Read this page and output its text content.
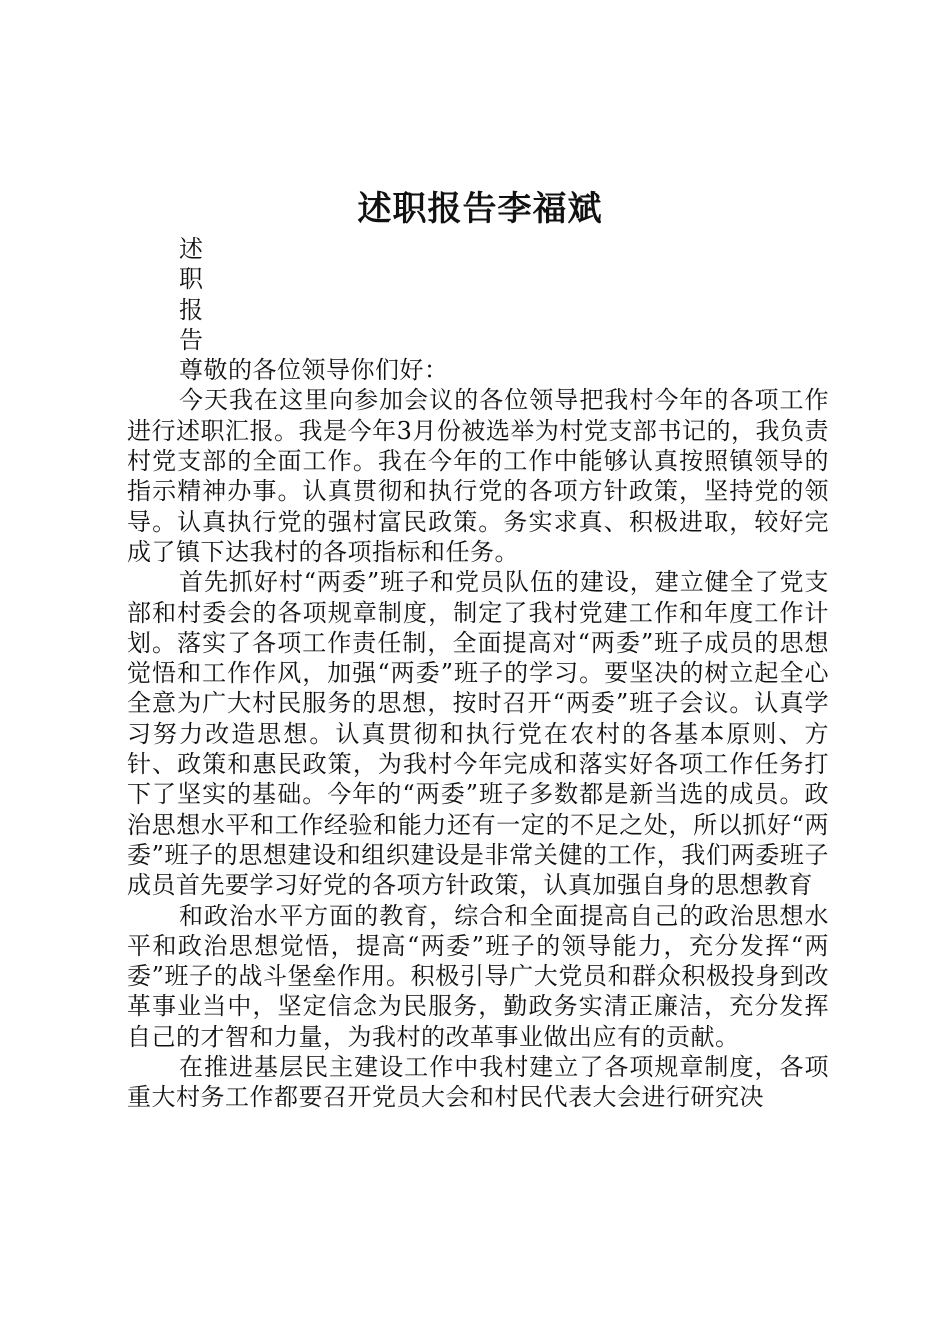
述职报告李福斌
述
职
报
告

尊敬的各位领导你们好：

今天我在这里向参加会议的各位领导把我村今年的各项工作进行述职汇报。我是今年3月份被选举为村党支部书记的，我负责村党支部的全面工作。我在今年的工作中能够认真按照镇领导的指示精神办事。认真贯彻和执行党的各项方针政策，坚持党的领导。认真执行党的强村富民政策。务实求真、积极进取，较好完成了镇下达我村的各项指标和任务。

首先抓好村“两委”班子和党员队伍的建设，建立健全了党支部和村委会的各项规章制度，制定了我村党建工作和年度工作计划。落实了各项工作责任制，全面提高对“两委”班子成员的思想觉悟和工作作风，加强“两委”班子的学习。要坚决的树立起全心全意为广大村民服务的思想，按时召开“两委”班子会议。认真学习努力改造思想。认真贯彻和执行党在农村的各基本原则、方针、政策和惠民政策，为我村今年完成和落实好各项工作任务打下了坚实的基础。今年的“两委”班子多数都是新当选的成员。政治思想水平和工作经验和能力还有一定的不足之处，所以抓好“两委”班子的思想建设和组织建设是非常关健的工作，我们两委班子成员首先要学习好党的各项方针政策，认真加强自身的思想教育

和政治水平方面的教育，综合和全面提高自己的政治思想水平和政治思想觉悟，提高“两委”班子的领导能力，充分发挥“两委”班子的战斗堡垒作用。积极引导广大党员和群众积极投身到改革事业当中，坚定信念为民服务，勤政务实清正廉洁，充分发挥自己的才智和力量，为我村的改革事业做出应有的贡献。

在推进基层民主建设工作中我村建立了各项规章制度，各项重大村务工作都要召开党员大会和村民代表大会进行研究决
